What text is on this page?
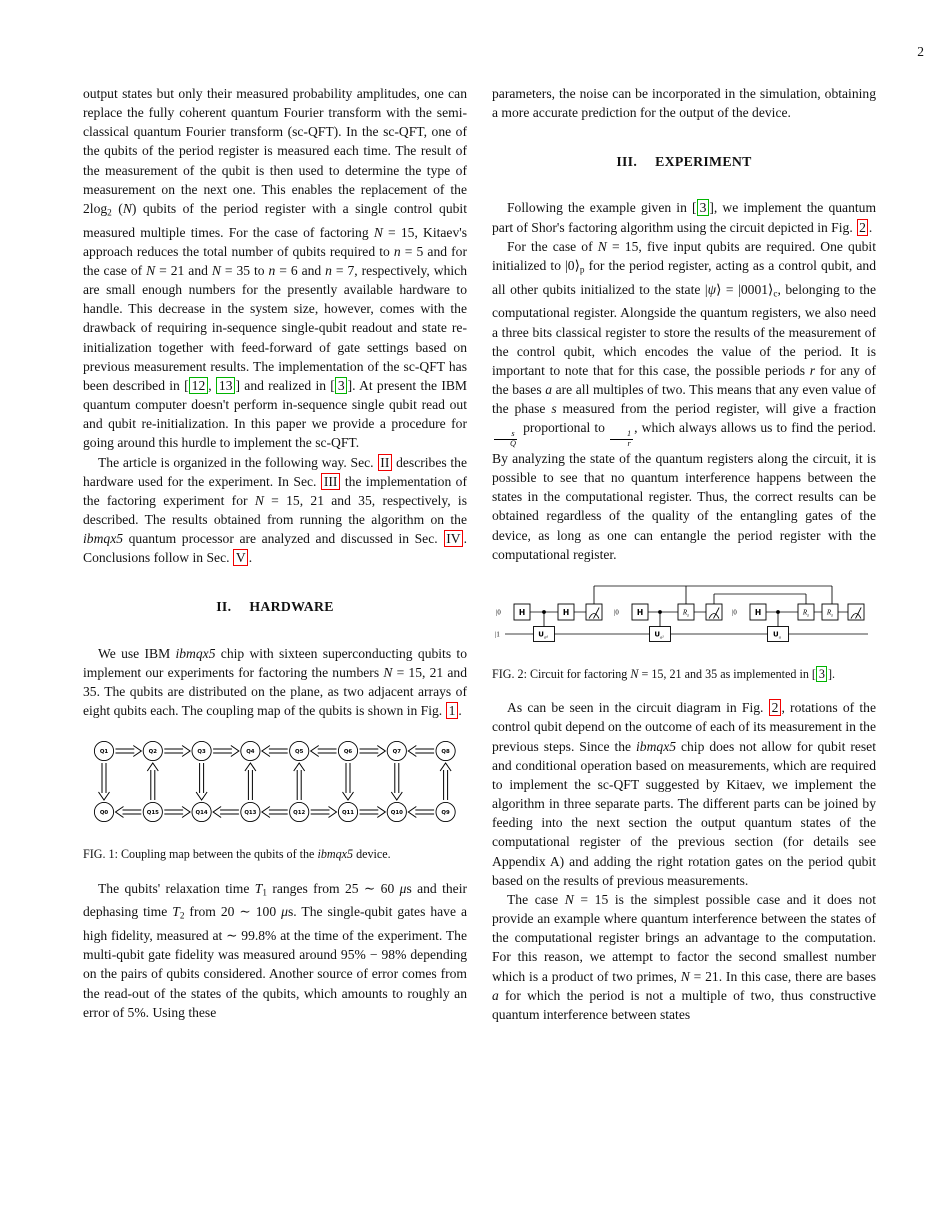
2

output states but only their measured probability amplitudes, one can replace the fully coherent quantum Fourier transform with the semi-classical quantum Fourier transform (sc-QFT). In the sc-QFT, one of the qubits of the period register is measured each time. The result of the measurement of the qubit is then used to determine the type of measurement on the next one. This enables the replacement of the 2log2 (N) qubits of the period register with a single control qubit measured multiple times. For the case of factoring N = 15, Kitaev's approach reduces the total number of qubits required to n = 5 and for the case of N = 21 and N = 35 to n = 6 and n = 7, respectively, which are small enough numbers for the presently available hardware to handle. This decrease in the system size, however, comes with the drawback of requiring in-sequence single-qubit readout and state re-initialization together with feed-forward of gate settings based on previous measurement results. The implementation of the sc-QFT has been described in [ 12 , 13 ] and realized in [ 3 ]. At present the IBM quantum computer doesn't perform in-sequence single qubit read out and qubit re-initialization. In this paper we provide a procedure for going around this hurdle to implement the sc-QFT.

The article is organized in the following way. Sec. II describes the hardware used for the experiment. In Sec. III the implementation of the factoring experiment for N = 15, 21 and 35, respectively, is described. The results obtained from running the algorithm on the ibmqx5 quantum processor are analyzed and discussed in Sec. IV . Conclusions follow in Sec. V .

II. HARDWARE

We use IBM ibmqx5 chip with sixteen superconducting qubits to implement our experiments for factoring the numbers N = 15, 21 and 35. The qubits are distributed on the plane, as two adjacent arrays of eight qubits each. The coupling map of the qubits is shown in Fig. 1 .

Q1	Q2	Q3	Q4	Q5	Q6	Q7	Q8
Q0	Q15	Q14	Q13	Q12	Q11	Q10	Q9

FIG. 1: Coupling map between the qubits of the ibmqx5 device.

The qubits' relaxation time T1 ranges from 25 ∼ 60 μs and their dephasing time T2 from 20 ∼ 100 μs. The single-qubit gates have a high fidelity, measured at ∼ 99.8% at the time of the experiment. The multi-qubit gate fidelity was measured around 95% − 98% depending on the pairs of qubits considered. Another source of error comes from the read-out of the states of the qubits, which amounts to roughly an error of 5%. Using these

parameters, the noise can be incorporated in the simulation, obtaining a more accurate prediction for the output of the device.

III. EXPERIMENT

Following the example given in [ 3 ], we implement the quantum part of Shor's factoring algorithm using the circuit depicted in Fig. 2 .

For the case of N = 15, five input qubits are required. One qubit initialized to |0⟩p for the period register, acting as a control qubit, and all other qubits initialized to the state |ψ⟩ = |0001⟩c, belonging to the computational register. Alongside the quantum registers, we also need a three bits classical register to store the results of the measurement of the control qubit, which encodes the value of the period. It is important to note that for this case, the possible periods r for any of the bases a are all multiples of two. This means that any even value of the phase s measured from the period register, will give a fraction
$\frac{s}{Q}$
proportional to
$\frac{1}{r}$
, which always allows us to find the period. By analyzing the state of the quantum registers along the circuit, it is possible to see that no quantum interference happens between the states in the computational register. Thus, the correct results can be obtained regardless of the quality of the entangling gates of the device, as long as one can entangle the period register with the computational register.

|1
|0 H	H
$U_{a^4}$
|0 H	$R_z$
$U_{a^2}$
|0 H	$R_z$	$R_z$
$U_a$

FIG. 2: Circuit for factoring N = 15, 21 and 35 as implemented in [ 3 ].

As can be seen in the circuit diagram in Fig. 2 , rotations of the control qubit depend on the outcome of each of its measurement in the previous steps. Since the ibmqx5 chip does not allow for qubit reset and conditional operation based on measurements, which are required to implement the sc-QFT suggested by Kitaev, we implement the algorithm in three separate parts. The different parts can be joined by feeding into the next section the output quantum states of the computational register of the previous section (for details see Appendix A) and adding the right rotation gates on the period qubit based on the results of previous measurements.

The case N = 15 is the simplest possible case and it does not provide an example where quantum interference between the states of the computational register brings an advantage to the computation. For this reason, we attempt to factor the second smallest number which is a product of two primes, N = 21. In this case, there are bases a for which the period is not a multiple of two, thus constructive quantum interference between states
